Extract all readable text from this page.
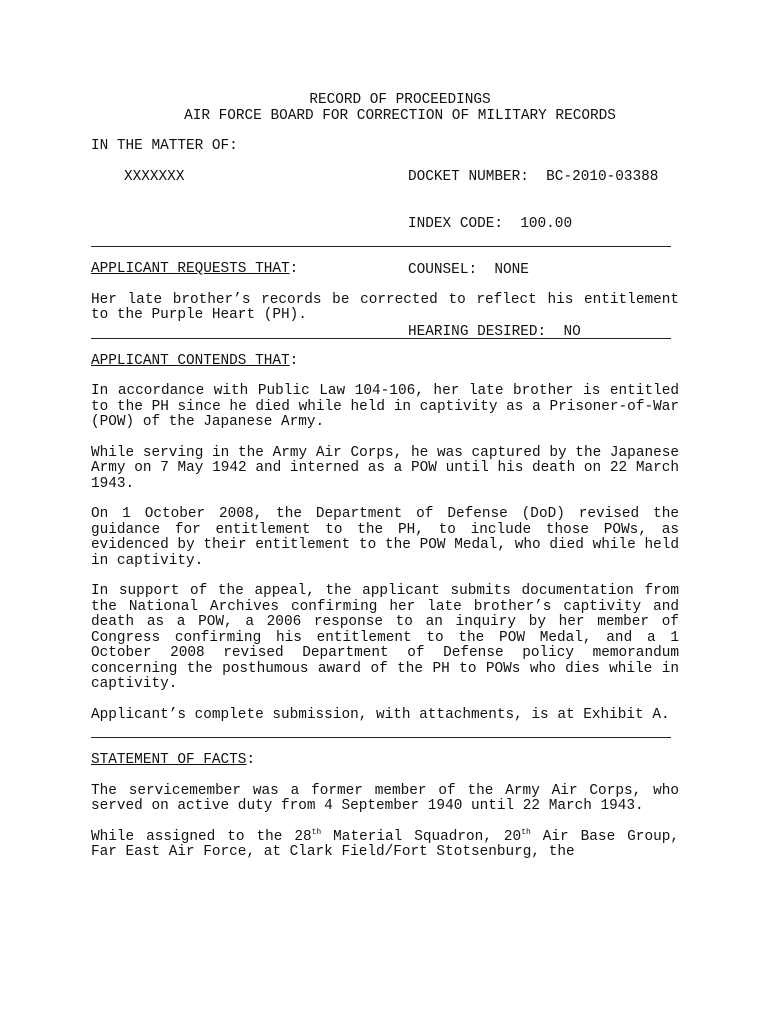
RECORD OF PROCEEDINGS
AIR FORCE BOARD FOR CORRECTION OF MILITARY RECORDS
IN THE MATTER OF:
XXXXXXX

	DOCKET NUMBER:  BC-2010-03388

INDEX CODE:  100.00

COUNSEL:  NONE

HEARING DESIRED:  NO

APPLICANT REQUESTS THAT:

Her late brother’s records be corrected to reflect his entitlement to the Purple Heart (PH).

APPLICANT CONTENDS THAT:

In accordance with Public Law 104-106, her late brother is entitled to the PH since he died while held in captivity as a Prisoner-of-War (POW) of the Japanese Army.

While serving in the Army Air Corps, he was captured by the Japanese Army on 7 May 1942 and interned as a POW until his death on 22 March 1943.

On 1 October 2008, the Department of Defense (DoD) revised the guidance for entitlement to the PH, to include those POWs, as evidenced by their entitlement to the POW Medal, who died while held in captivity.

In support of the appeal, the applicant submits documentation from the National Archives confirming her late brother’s captivity and death as a POW, a 2006 response to an inquiry by her member of Congress confirming his entitlement to the POW Medal, and a 1 October 2008 revised Department of Defense policy memorandum concerning the posthumous award of the PH to POWs who dies while in captivity.

Applicant’s complete submission, with attachments, is at Exhibit A.

STATEMENT OF FACTS:

The servicemember was a former member of the Army Air Corps, who served on active duty from 4 September 1940 until 22 March 1943.

While assigned to the 28th Material Squadron, 20th Air Base Group, Far East Air Force, at Clark Field/Fort Stotsenburg, the
